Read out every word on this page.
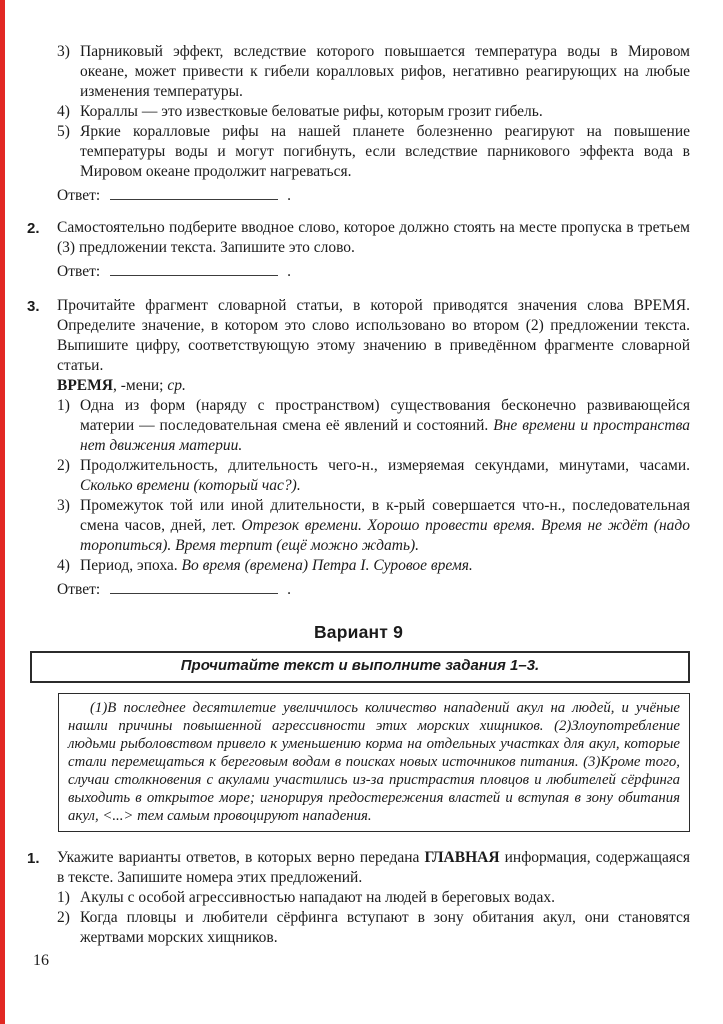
3) Парниковый эффект, вследствие которого повышается температура воды в Мировом океане, может привести к гибели коралловых рифов, негативно реагирующих на любые изменения температуры.
4) Кораллы — это известковые беловатые рифы, которым грозит гибель.
5) Яркие коралловые рифы на нашей планете болезненно реагируют на повышение температуры воды и могут погибнуть, если вследствие парникового эффекта вода в Мировом океане продолжит нагреваться.
Ответ:	.
2.	Самостоятельно подберите вводное слово, которое должно стоять на месте пропуска в третьем (3) предложении текста. Запишите это слово.
Ответ:	.
3.	Прочитайте фрагмент словарной статьи, в которой приводятся значения слова ВРЕМЯ. Определите значение, в котором это слово использовано во втором (2) предложении текста. Выпишите цифру, соответствующую этому значению в приведённом фрагменте словарной статьи.
ВРЕМЯ, -мени; ср.
1) Одна из форм (наряду с пространством) существования бесконечно развивающейся материи — последовательная смена её явлений и состояний. Вне времени и пространства нет движения материи.
2) Продолжительность, длительность чего-н., измеряемая секундами, минутами, часами. Сколько времени (который час?).
3) Промежуток той или иной длительности, в к-рый совершается что-н., последовательная смена часов, дней, лет. Отрезок времени. Хорошо провести время. Время не ждёт (надо торопиться). Время терпит (ещё можно ждать).
4) Период, эпоха. Во время (времена) Петра I. Суровое время.
Ответ:	.
Вариант 9
Прочитайте текст и выполните задания 1–3.

(1)В последнее десятилетие увеличилось количество нападений акул на людей, и учёные нашли причины повышенной агрессивности этих морских хищников. (2)Злоупотребление людьми рыболовством привело к уменьшению корма на отдельных участках для акул, которые стали перемещаться к береговым водам в поисках новых источников питания. (3)Кроме того, случаи столкновения с акулами участились из-за пристрастия пловцов и любителей сёрфинга выходить в открытое море; игнорируя предостережения властей и вступая в зону обитания акул, <...> тем самым провоцируют нападения.

1.	Укажите варианты ответов, в которых верно передана ГЛАВНАЯ информация, содержащаяся в тексте. Запишите номера этих предложений.
1) Акулы с особой агрессивностью нападают на людей в береговых водах.
2) Когда пловцы и любители сёрфинга вступают в зону обитания акул, они становятся жертвами морских хищников.
16
